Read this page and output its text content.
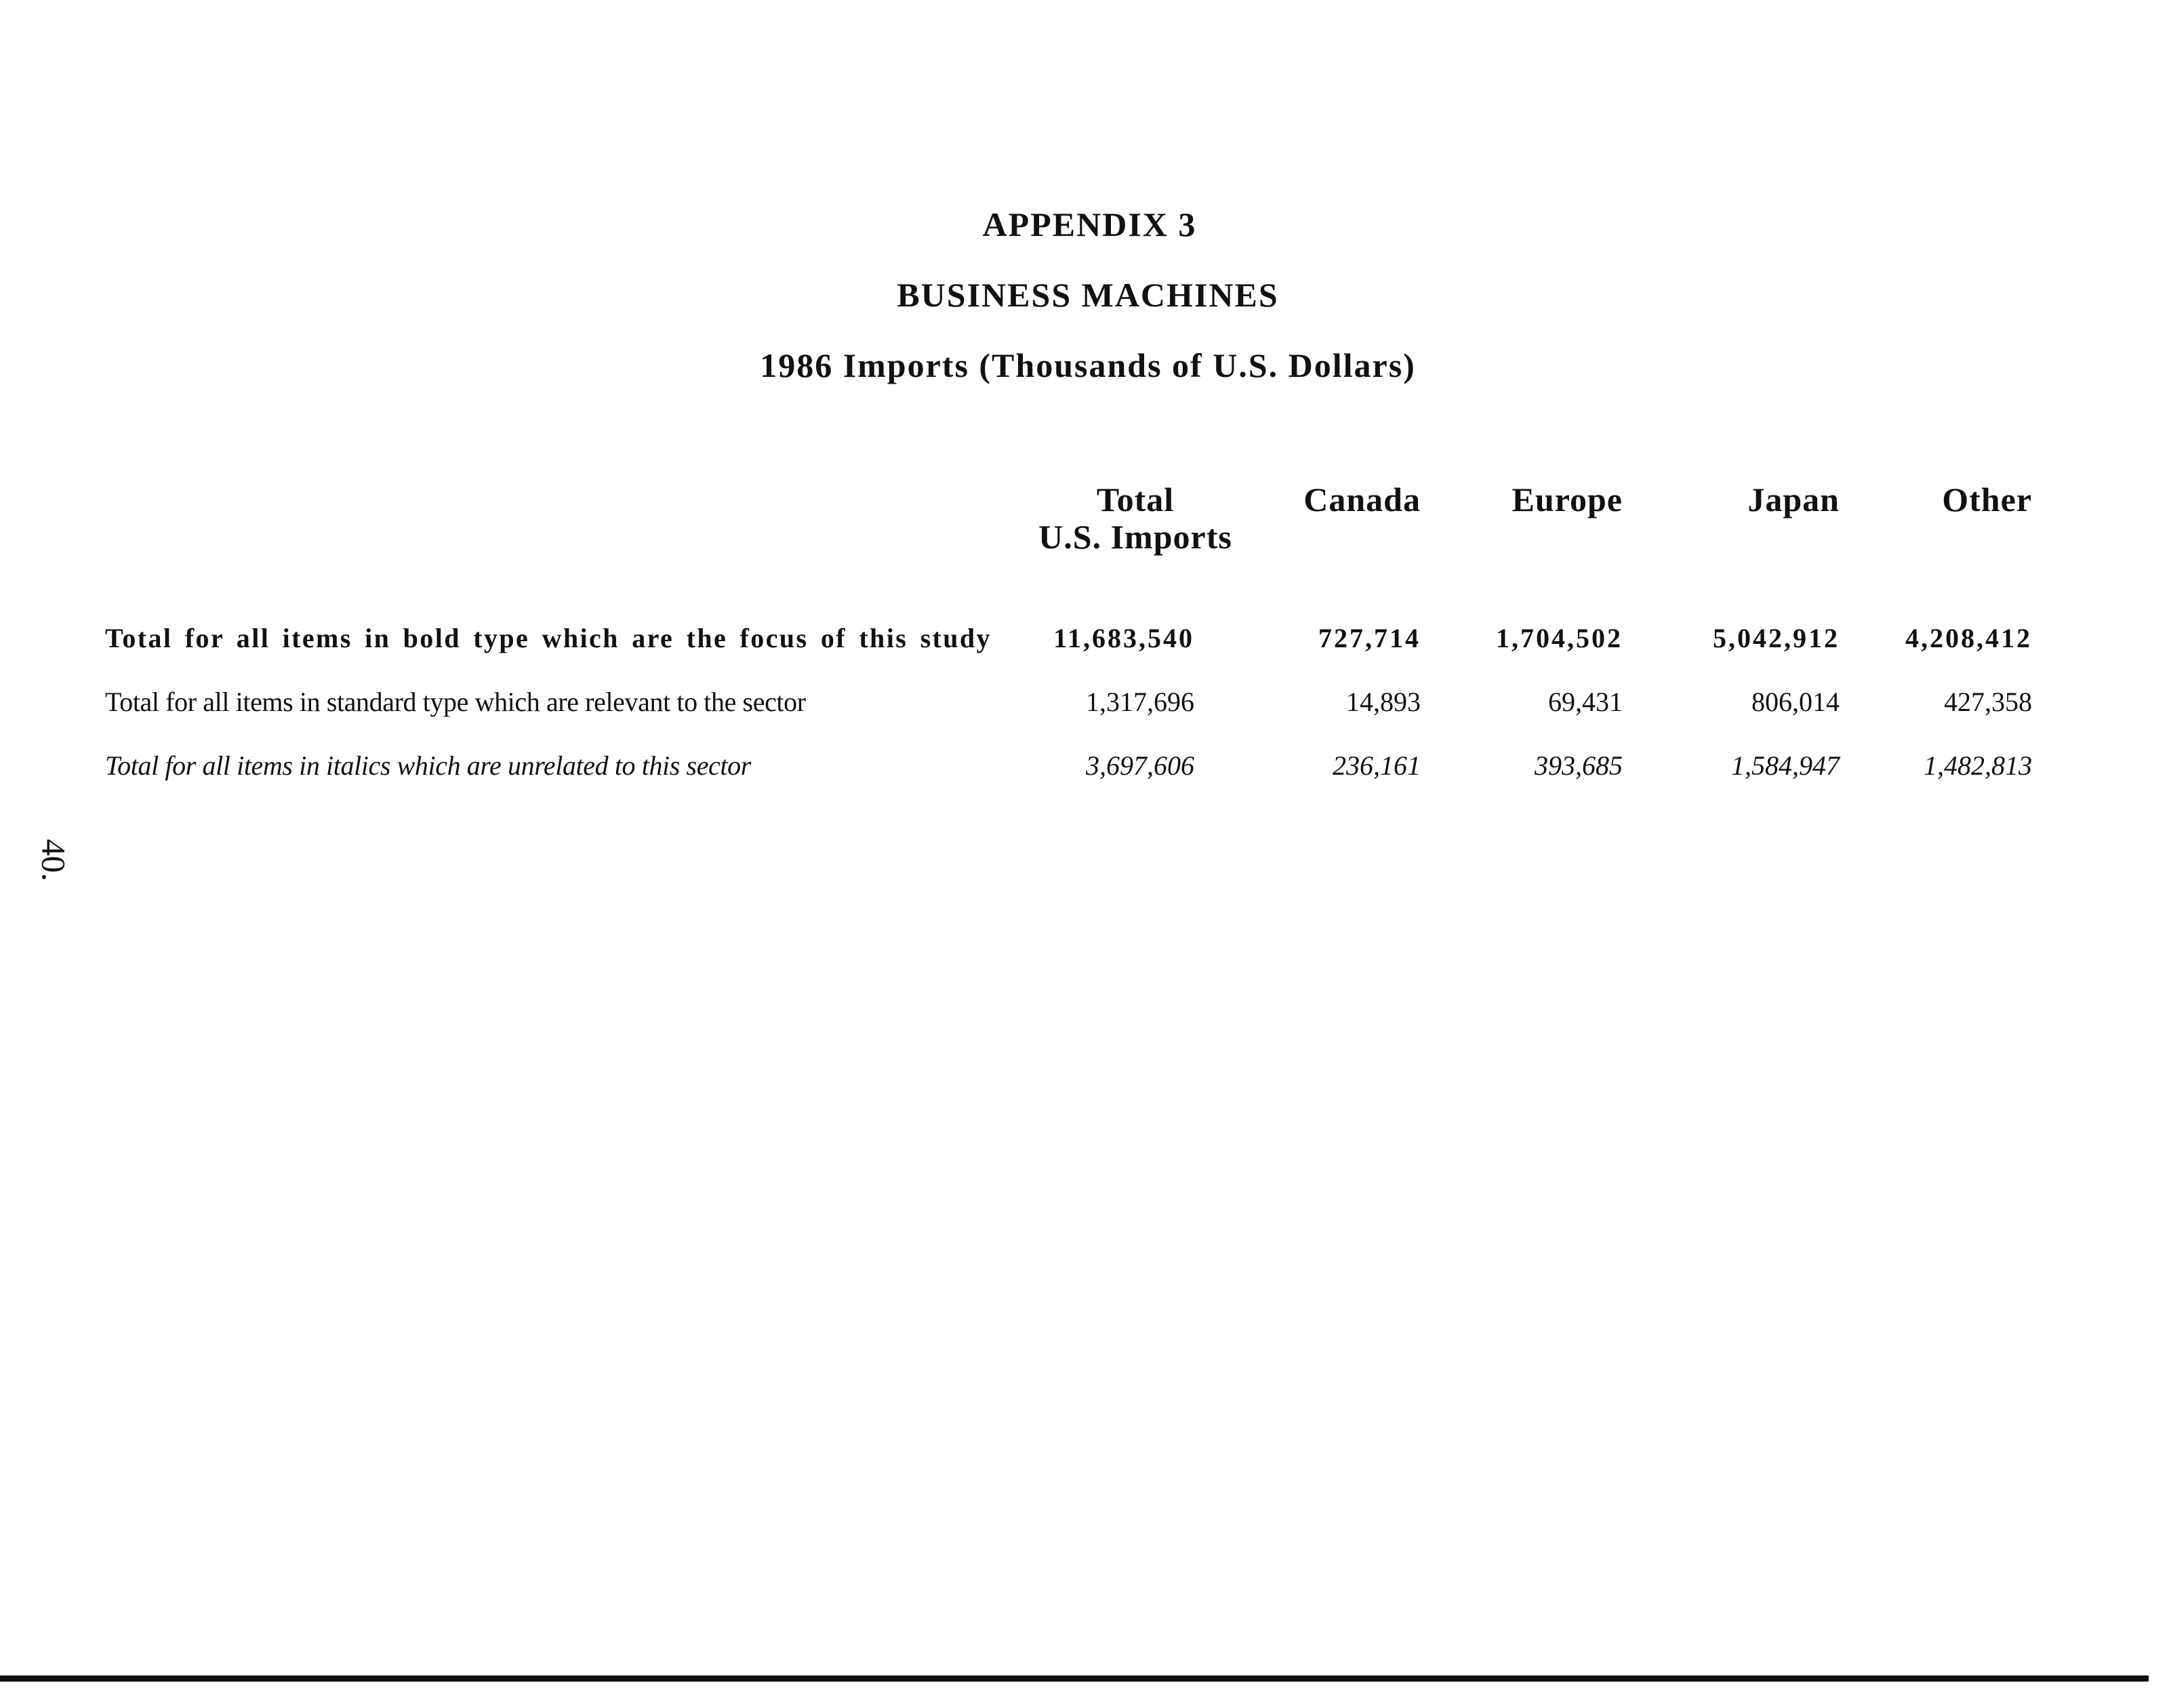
APPENDIX 3
BUSINESS MACHINES
1986 Imports (Thousands of U.S. Dollars)
Total
U.S. Imports
Canada	Europe	Japan	Other
Total for all items in bold type which are the focus of this study 11,683,540	727,714	1,704,502	5,042,912 4,208,412
Total for all items in standard type which are relevant to the sector	1,317,696	14,893	69,431	806,014	427,358
Total for all items in italics which are unrelated to this sector	3,697,606	236,161	393,685	1,584,947	1,482,813
40.
